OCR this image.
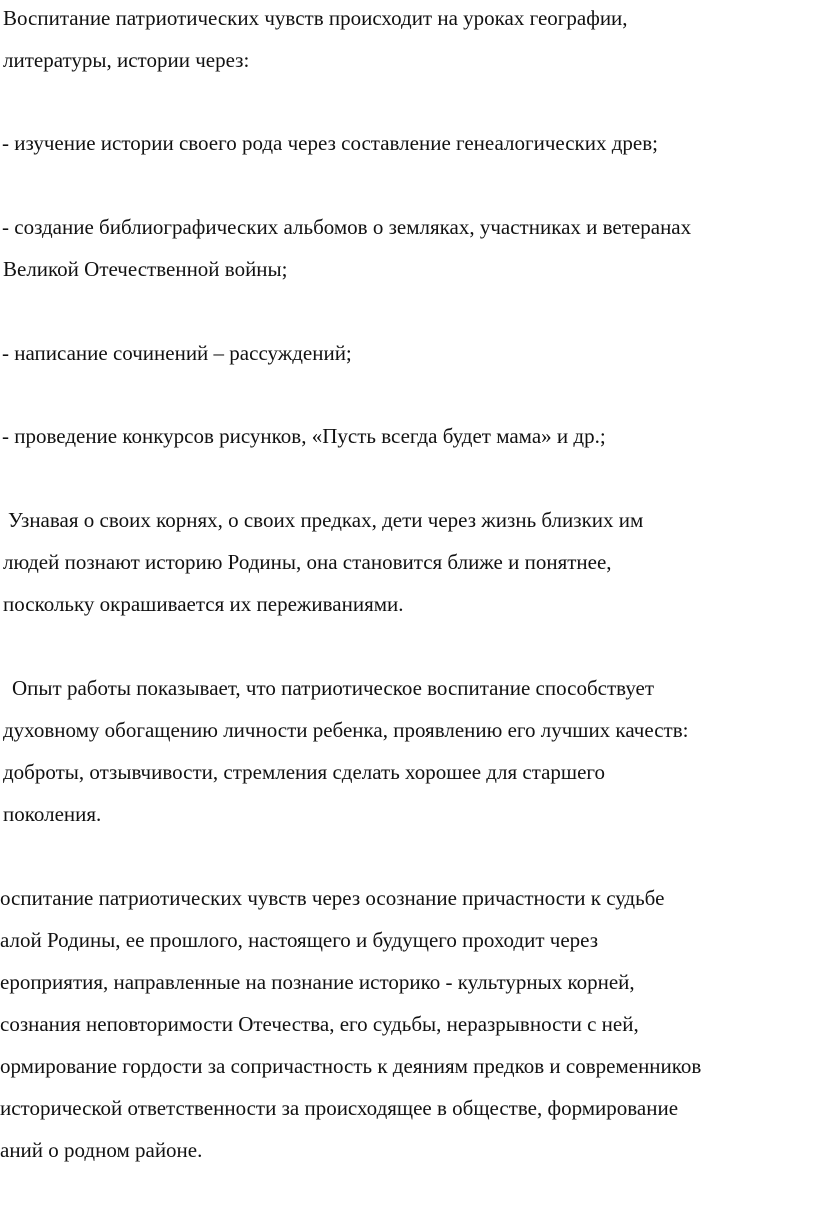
Воспитание патриотических чувств происходит на уроках географии,
литературы, истории через:
- изучение истории своего рода через составление генеалогических древ;
- создание библиографических альбомов о земляках, участниках и ветеранах
Великой Отечественной войны;
- написание сочинений – рассуждений;
- проведение конкурсов рисунков, «Пусть всегда будет мама» и др.;
Узнавая о своих корнях, о своих предках, дети через жизнь близких им
людей познают историю Родины, она становится ближе и понятнее,
поскольку окрашивается их переживаниями.
Опыт работы показывает, что патриотическое воспитание способствует
духовному обогащению личности ребенка, проявлению его лучших качеств:
доброты, отзывчивости, стремления сделать хорошее для старшего
поколения.
оспитание патриотических чувств через осознание причастности к судьбе
алой Родины, ее прошлого, настоящего и будущего проходит через
ероприятия, направленные на познание историко - культурных корней,
сознания неповторимости Отечества, его судьбы, неразрывности с ней,
ормирование гордости за сопричастность к деяниям предков и современников
исторической ответственности за происходящее в обществе, формирование
аний о родном районе.
